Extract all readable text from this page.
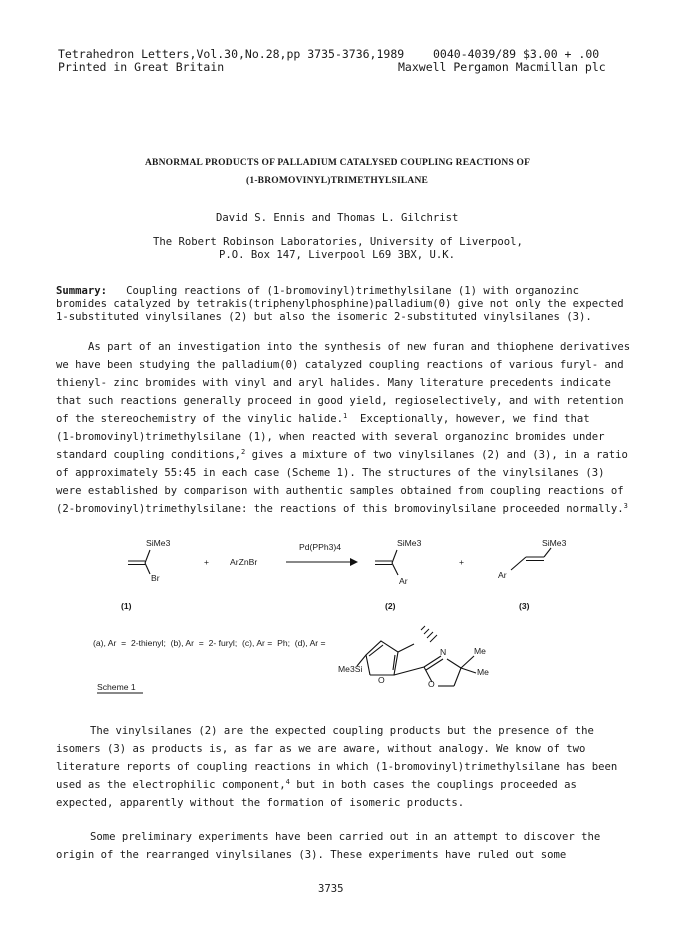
Tetrahedron Letters,Vol.30,No.28,pp 3735-3736,1989	0040-4039/89 $3.00 + .00
Printed in Great Britain	Maxwell Pergamon Macmillan plc
ABNORMAL PRODUCTS OF PALLADIUM CATALYSED COUPLING REACTIONS OF
(1-BROMOVINYL)TRIMETHYLSILANE
David S. Ennis and Thomas L. Gilchrist
The Robert Robinson Laboratories, University of Liverpool,
P.O. Box 147, Liverpool L69 3BX, U.K.
Summary: Coupling reactions of (1-bromovinyl)trimethylsilane (1) with organozinc
bromides catalyzed by tetrakis(triphenylphosphine)palladium(0) give not only the expected
1-substituted vinylsilanes (2) but also the isomeric 2-substituted vinylsilanes (3).
As part of an investigation into the synthesis of new furan and thiophene derivatives
we have been studying the palladium(0) catalyzed coupling reactions of various furyl- and
thienyl- zinc bromides with vinyl and aryl halides. Many literature precedents indicate
that such reactions generally proceed in good yield, regioselectively, and with retention
of the stereochemistry of the vinylic halide.$^1$  Exceptionally, however, we find that
(1-bromovinyl)trimethylsilane (1), when reacted with several organozinc bromides under
standard coupling conditions,$^2$ gives a mixture of two vinylsilanes (2) and (3), in a ratio
of approximately 55:45 in each case (Scheme 1). The structures of the vinylsilanes (3)
were established by comparison with authentic samples obtained from coupling reactions of
(2-bromovinyl)trimethylsilane: the reactions of this bromovinylsilane proceeded normally.$^3$
SiMe3
Br
+ ArZnBr
Pd(PPh3)4	SiMe3
Ar
+
SiMe3
Ar
(1)	(2)	(3)
(a), Ar  =  2-thienyl;  (b), Ar  =  2- furyl;  (c), Ar =  Ph;  (d), Ar =
Me3Si
O
N
O
Me
Me
Scheme 1
The vinylsilanes (2) are the expected coupling products but the presence of the
isomers (3) as products is, as far as we are aware, without analogy. We know of two
literature reports of coupling reactions in which (1-bromovinyl)trimethylsilane has been
used as the electrophilic component,$^4$ but in both cases the couplings proceeded as
expected, apparently without the formation of isomeric products.
Some preliminary experiments have been carried out in an attempt to discover the
origin of the rearranged vinylsilanes (3). These experiments have ruled out some
3735
